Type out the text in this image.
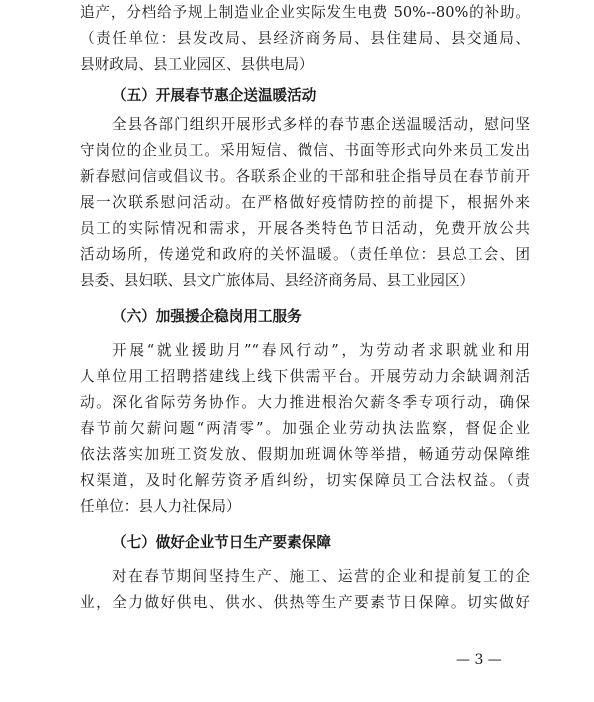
追产，分档给予规上制造业企业实际发生电费 50%--80%的补助。
（责任单位：县发改局、县经济商务局、县住建局、县交通局、
县财政局、县工业园区、县供电局）
（五）开展春节惠企送温暖活动
全县各部门组织开展形式多样的春节惠企送温暖活动，慰问坚
守岗位的企业员工。采用短信、微信、书面等形式向外来员工发出
新春慰问信或倡议书。各联系企业的干部和驻企指导员在春节前开
展一次联系慰问活动。在严格做好疫情防控的前提下，根据外来
员工的实际情况和需求，开展各类特色节日活动，免费开放公共
活动场所，传递党和政府的关怀温暖。（责任单位：县总工会、团
县委、县妇联、县文广旅体局、县经济商务局、县工业园区）
（六）加强援企稳岗用工服务
开展“就业援助月”“春风行动”，为劳动者求职就业和用
人单位用工招聘搭建线上线下供需平台。开展劳动力余缺调剂活
动。深化省际劳务协作。大力推进根治欠薪冬季专项行动，确保
春节前欠薪问题“两清零”。加强企业劳动执法监察，督促企业
依法落实加班工资发放、假期加班调休等举措，畅通劳动保障维
权渠道，及时化解劳资矛盾纠纷，切实保障员工合法权益。（责
任单位：县人力社保局）
（七）做好企业节日生产要素保障
对在春节期间坚持生产、施工、运营的企业和提前复工的企
业，全力做好供电、供水、供热等生产要素节日保障。切实做好
— 3 —
